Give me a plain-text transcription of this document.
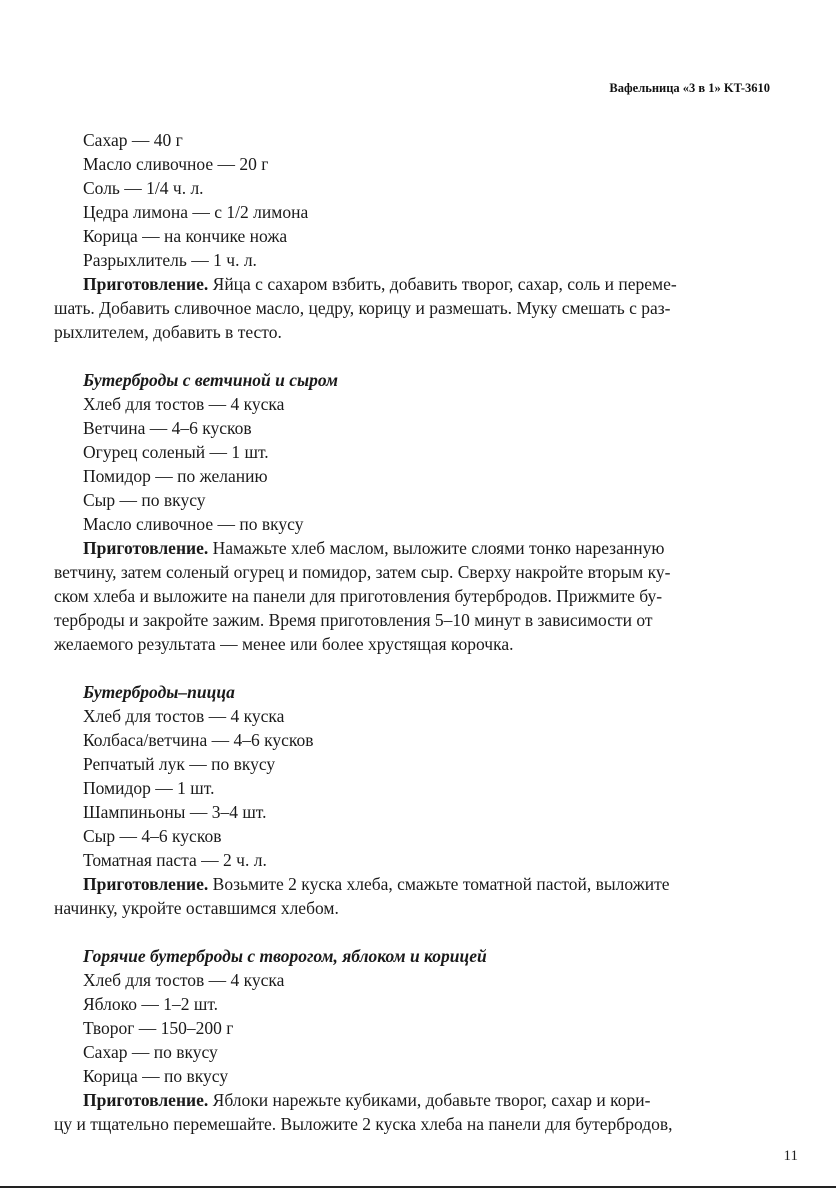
Вафельница «3 в 1» KT-3610
Сахар — 40 г
Масло сливочное — 20 г
Соль — 1/4 ч. л.
Цедра лимона — с 1/2 лимона
Корица — на кончике ножа
Разрыхлитель — 1 ч. л.
Приготовление. Яйца с сахаром взбить, добавить творог, сахар, соль и переме-
шать. Добавить сливочное масло, цедру, корицу и размешать. Муку смешать с раз-
рыхлителем, добавить в тесто.
Бутерброды с ветчиной и сыром
Хлеб для тостов — 4 куска
Ветчина — 4–6 кусков
Огурец соленый — 1 шт.
Помидор — по желанию
Сыр — по вкусу
Масло сливочное — по вкусу
Приготовление. Намажьте хлеб маслом, выложите слоями тонко нарезанную
ветчину, затем соленый огурец и помидор, затем сыр. Сверху накройте вторым ку-
ском хлеба и выложите на панели для приготовления бутербродов. Прижмите бу-
терброды и закройте зажим. Время приготовления 5–10 минут в зависимости от
желаемого результата — менее или более хрустящая корочка.
Бутерброды–пицца
Хлеб для тостов — 4 куска
Колбаса/ветчина — 4–6 кусков
Репчатый лук — по вкусу
Помидор — 1 шт.
Шампиньоны — 3–4 шт.
Сыр — 4–6 кусков
Томатная паста — 2 ч. л.
Приготовление. Возьмите 2 куска хлеба, смажьте томатной пастой, выложите
начинку, укройте оставшимся хлебом.
Горячие бутерброды с творогом, яблоком и корицей
Хлеб для тостов — 4 куска
Яблоко — 1–2 шт.
Творог — 150–200 г
Сахар — по вкусу
Корица — по вкусу
Приготовление. Яблоки нарежьте кубиками, добавьте творог, сахар и кори-
цу и тщательно перемешайте. Выложите 2 куска хлеба на панели для бутербродов,
11
